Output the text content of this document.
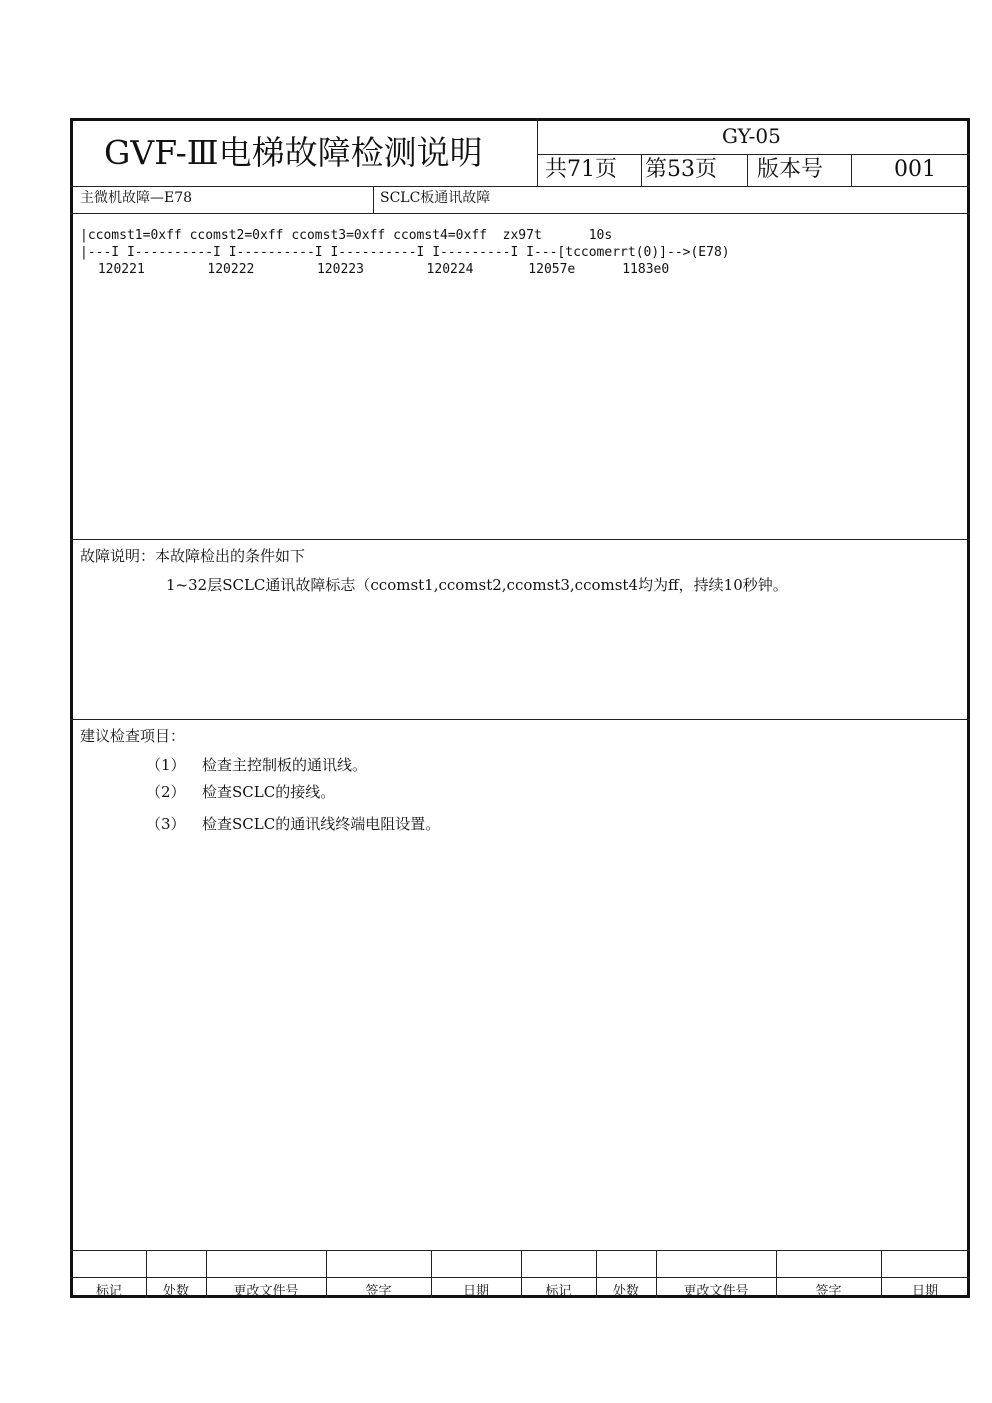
GVF-Ⅲ电梯故障检测说明	GY-05
共71页 第53页 版本号	001
主微机故障—E78	SCLC板通讯故障
|ccomst1=0xff ccomst2=0xff ccomst3=0xff ccomst4=0xff  zx97t      10s
|---I I----------I I----------I I----------I I---------I I---[tccomerrt(0)]-->(E78)
120221        120222        120223        120224       12057e      1183e0
故障说明：本故障检出的条件如下
1~32层SCLC通讯故障标志（ccomst1,ccomst2,ccomst3,ccomst4均为ff，持续10秒钟。
建议检查项目：
（1） 检查主控制板的通讯线。
（2） 检查SCLC的接线。
（3） 检查SCLC的通讯线终端电阻设置。
标记	处数	更改文件号	签字	日期	标记	处数	更改文件号	签字	日期
